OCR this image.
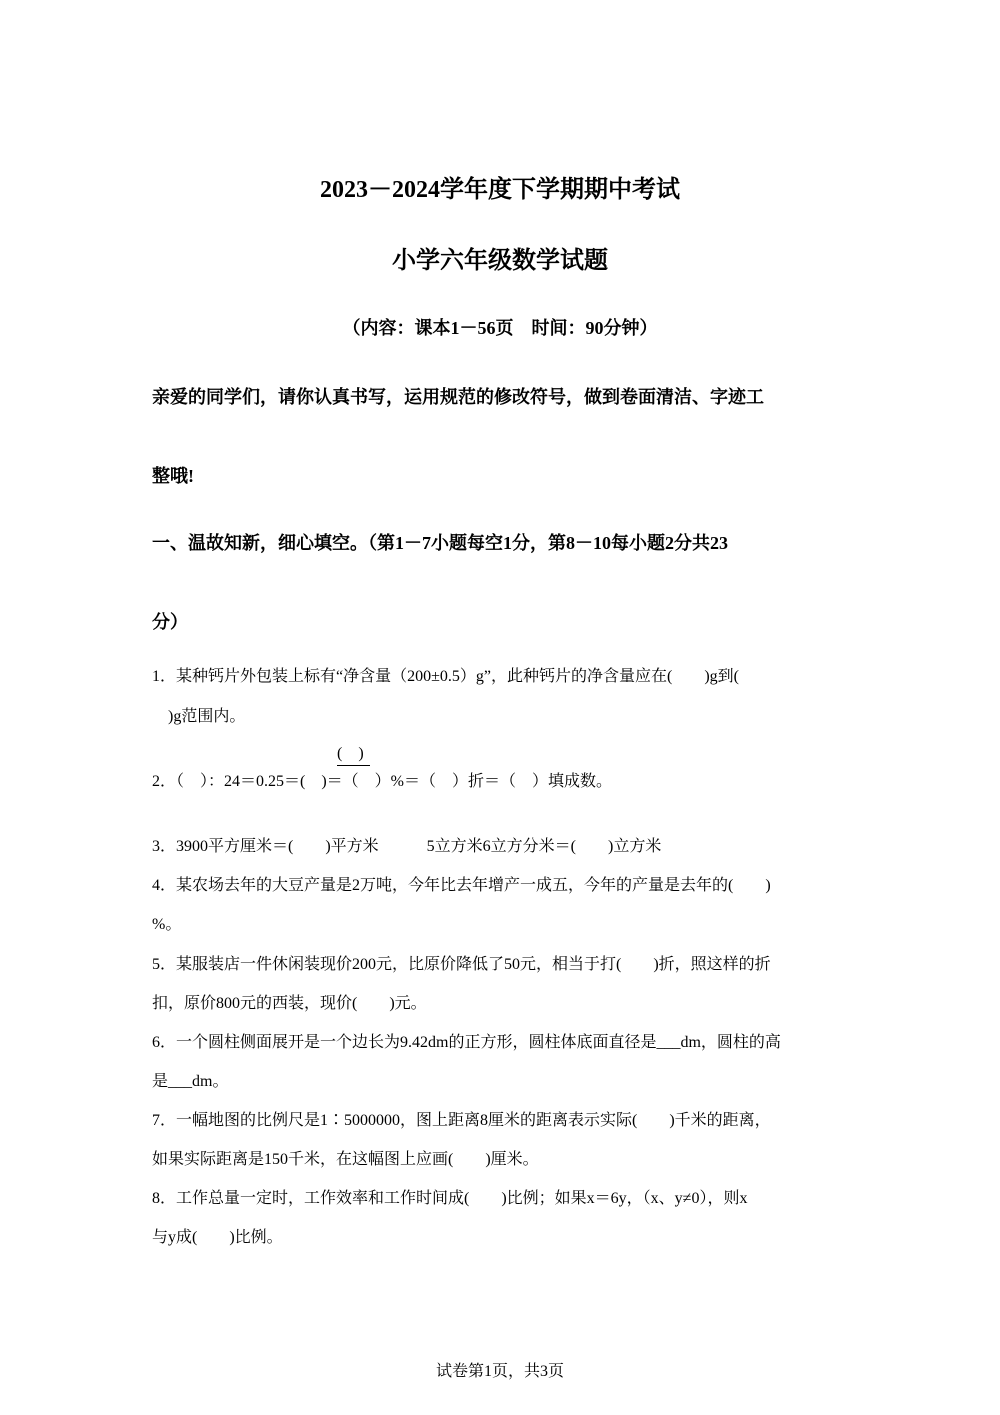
2023－2024学年度下学期期中考试
小学六年级数学试题
（内容：课本1－56页　时间：90分钟）
亲爱的同学们，请你认真书写，运用规范的修改符号，做到卷面清洁、字迹工
整哦!
一、温故知新，细心填空。（第1－7小题每空1分，第8－10每小题2分共23
分）
1．某种钙片外包装上标有“净含量（200±0.5）g”，此种钙片的净含量应在(　　)g到(
　)g范围内。
(　)
2．（　）：24＝0.25＝(　)＝（　）%＝（　）折＝（　）填成数。
3．3900平方厘米＝(　　)平方米　　　5立方米6立方分米＝(　　)立方米
4．某农场去年的大豆产量是2万吨，今年比去年增产一成五，今年的产量是去年的(　　)
%。
5．某服装店一件休闲装现价200元，比原价降低了50元，相当于打(　　)折，照这样的折
扣，原价800元的西装，现价(　　)元。
6．一个圆柱侧面展开是一个边长为9.42dm的正方形，圆柱体底面直径是___dm，圆柱的高
是___dm。
7．一幅地图的比例尺是1∶5000000，图上距离8厘米的距离表示实际(　　)千米的距离，
如果实际距离是150千米，在这幅图上应画(　　)厘米。
8．工作总量一定时，工作效率和工作时间成(　　)比例；如果x＝6y，（x、y≠0），则x
与y成(　　)比例。
试卷第1页，共3页
